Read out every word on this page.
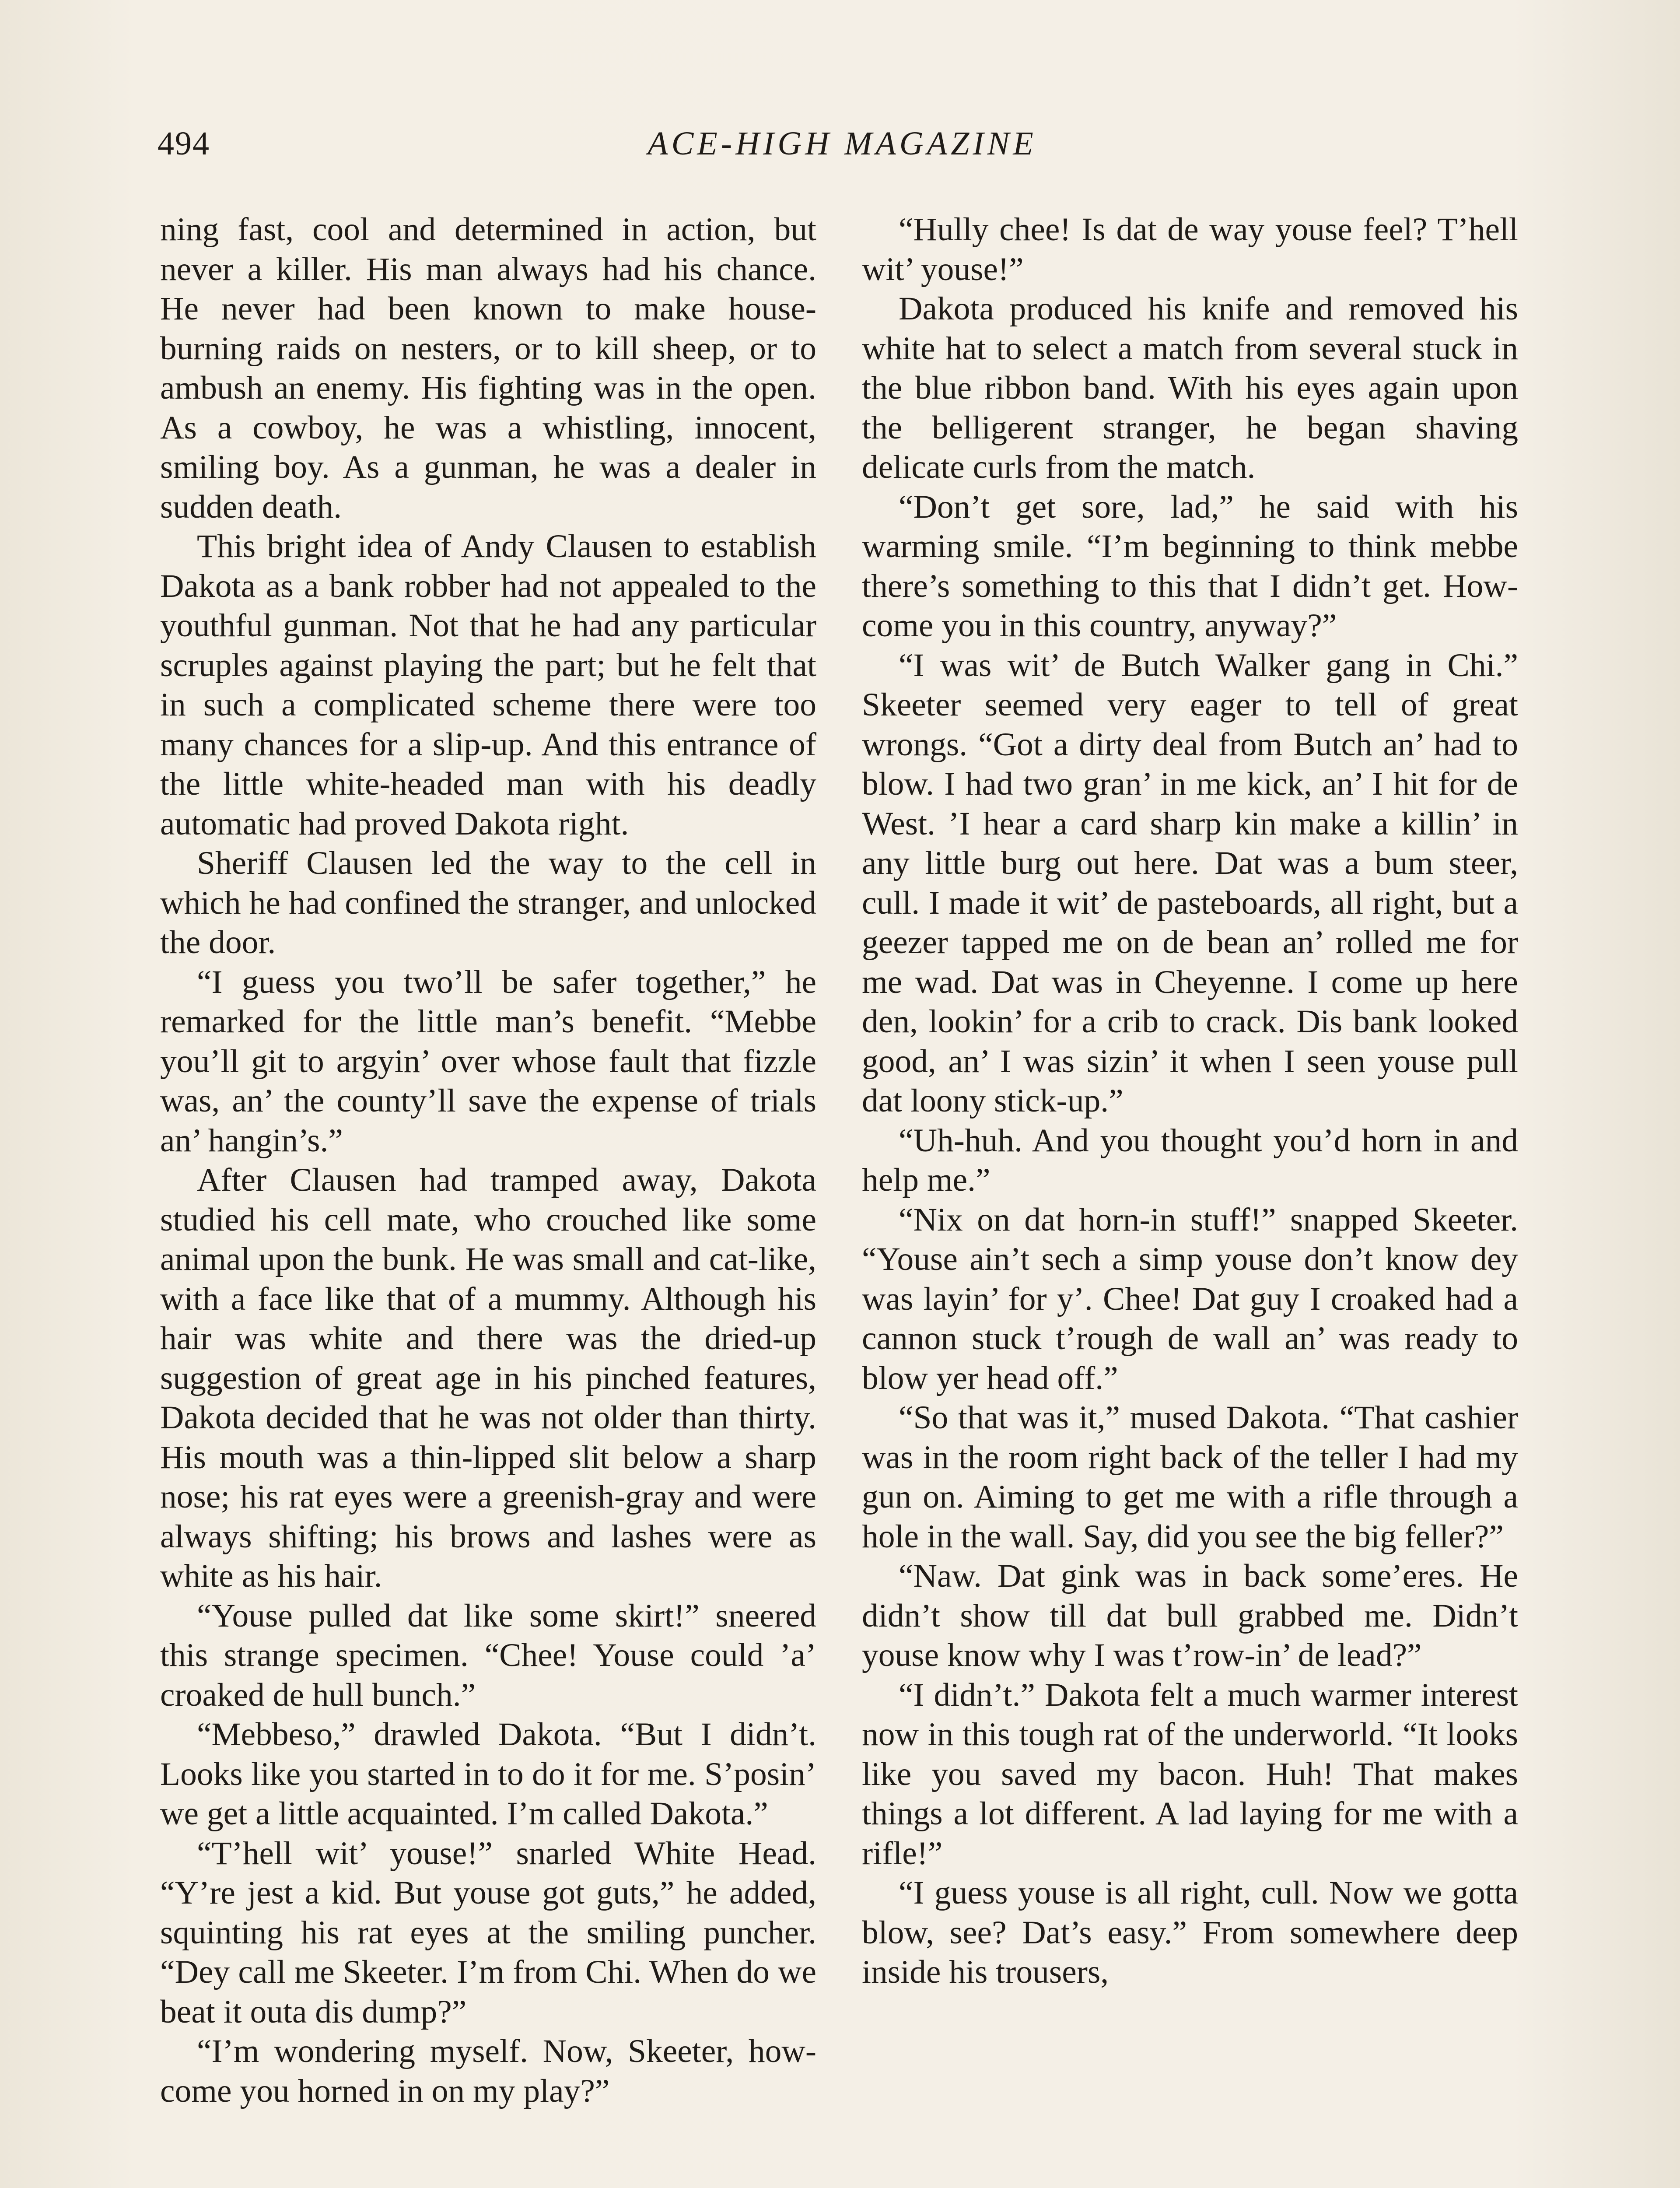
494	ACE-HIGH MAGAZINE

ning fast, cool and determined in action, but never a killer. His man always had his chance. He never had been known to make house-burning raids on nesters, or to kill sheep, or to ambush an enemy. His fighting was in the open. As a cowboy, he was a whistling, innocent, smiling boy. As a gunman, he was a dealer in sudden death.

This bright idea of Andy Clausen to establish Dakota as a bank robber had not appealed to the youthful gunman. Not that he had any particular scruples against playing the part; but he felt that in such a complicated scheme there were too many chances for a slip-up. And this entrance of the little white-headed man with his deadly automatic had proved Dakota right.

Sheriff Clausen led the way to the cell in which he had confined the stranger, and unlocked the door.

“I guess you two’ll be safer together,” he remarked for the little man’s benefit. “Mebbe you’ll git to argyin’ over whose fault that fizzle was, an’ the county’ll save the expense of trials an’ hangin’s.”

After Clausen had tramped away, Dakota studied his cell mate, who crouched like some animal upon the bunk. He was small and cat-like, with a face like that of a mummy. Although his hair was white and there was the dried-up suggestion of great age in his pinched features, Dakota decided that he was not older than thirty. His mouth was a thin-lipped slit below a sharp nose; his rat eyes were a greenish-gray and were always shifting; his brows and lashes were as white as his hair.

“Youse pulled dat like some skirt!” sneered this strange specimen. “Chee! Youse could ’a’ croaked de hull bunch.”

“Mebbeso,” drawled Dakota. “But I didn’t. Looks like you started in to do it for me. S’posin’ we get a little acquainted. I’m called Dakota.”

“T’hell wit’ youse!” snarled White Head. “Y’re jest a kid. But youse got guts,” he added, squinting his rat eyes at the smiling puncher. “Dey call me Skeeter. I’m from Chi. When do we beat it outa dis dump?”

“I’m wondering myself. Now, Skeeter, how-come you horned in on my play?”

“Hully chee! Is dat de way youse feel? T’hell wit’ youse!”

Dakota produced his knife and removed his white hat to select a match from several stuck in the blue ribbon band. With his eyes again upon the belligerent stranger, he began shaving delicate curls from the match.

“Don’t get sore, lad,” he said with his warming smile. “I’m beginning to think mebbe there’s something to this that I didn’t get. How-come you in this country, anyway?”

“I was wit’ de Butch Walker gang in Chi.” Skeeter seemed very eager to tell of great wrongs. “Got a dirty deal from Butch an’ had to blow. I had two gran’ in me kick, an’ I hit for de West. ’I hear a card sharp kin make a killin’ in any little burg out here. Dat was a bum steer, cull. I made it wit’ de pasteboards, all right, but a geezer tapped me on de bean an’ rolled me for me wad. Dat was in Cheyenne. I come up here den, lookin’ for a crib to crack. Dis bank looked good, an’ I was sizin’ it when I seen youse pull dat loony stick-up.”

“Uh-huh. And you thought you’d horn in and help me.”

“Nix on dat horn-in stuff!” snapped Skeeter. “Youse ain’t sech a simp youse don’t know dey was layin’ for y’. Chee! Dat guy I croaked had a cannon stuck t’rough de wall an’ was ready to blow yer head off.”

“So that was it,” mused Dakota. “That cashier was in the room right back of the teller I had my gun on. Aiming to get me with a rifle through a hole in the wall. Say, did you see the big feller?”

“Naw. Dat gink was in back some’eres. He didn’t show till dat bull grabbed me. Didn’t youse know why I was t’row-in’ de lead?”

“I didn’t.” Dakota felt a much warmer interest now in this tough rat of the underworld. “It looks like you saved my bacon. Huh! That makes things a lot different. A lad laying for me with a rifle!”

“I guess youse is all right, cull. Now we gotta blow, see? Dat’s easy.” From somewhere deep inside his trousers,
